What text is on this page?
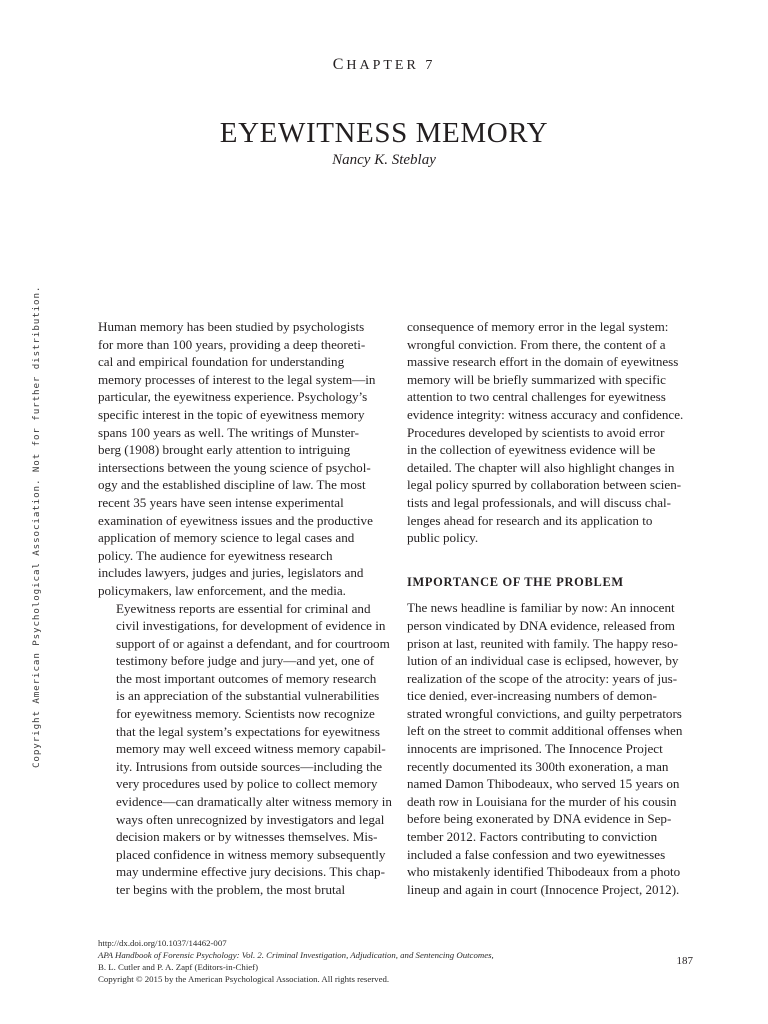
Copyright American Psychological Association. Not for further distribution.
CHAPTER 7
EYEWITNESS MEMORY
Nancy K. Steblay

Human memory has been studied by psychologists
for more than 100 years, providing a deep theoreti-
cal and empirical foundation for understanding
memory processes of interest to the legal system—in
particular, the eyewitness experience. Psychology’s
specific interest in the topic of eyewitness memory
spans 100 years as well. The writings of Munster-
berg (1908) brought early attention to intriguing
intersections between the young science of psychol-
ogy and the established discipline of law. The most
recent 35 years have seen intense experimental
examination of eyewitness issues and the productive
application of memory science to legal cases and
policy. The audience for eyewitness research
includes lawyers, judges and juries, legislators and
policymakers, law enforcement, and the media.

Eyewitness reports are essential for criminal and
civil investigations, for development of evidence in
support of or against a defendant, and for courtroom
testimony before judge and jury—and yet, one of
the most important outcomes of memory research
is an appreciation of the substantial vulnerabilities
for eyewitness memory. Scientists now recognize
that the legal system’s expectations for eyewitness
memory may well exceed witness memory capabil-
ity. Intrusions from outside sources—including the
very procedures used by police to collect memory
evidence—can dramatically alter witness memory in
ways often unrecognized by investigators and legal
decision makers or by witnesses themselves. Mis-
placed confidence in witness memory subsequently
may undermine effective jury decisions. This chap-
ter begins with the problem, the most brutal

consequence of memory error in the legal system:
wrongful conviction. From there, the content of a
massive research effort in the domain of eyewitness
memory will be briefly summarized with specific
attention to two central challenges for eyewitness
evidence integrity: witness accuracy and confidence.
Procedures developed by scientists to avoid error
in the collection of eyewitness evidence will be
detailed. The chapter will also highlight changes in
legal policy spurred by collaboration between scien-
tists and legal professionals, and will discuss chal-
lenges ahead for research and its application to
public policy.

IMPORTANCE OF THE PROBLEM

The news headline is familiar by now: An innocent
person vindicated by DNA evidence, released from
prison at last, reunited with family. The happy reso-
lution of an individual case is eclipsed, however, by
realization of the scope of the atrocity: years of jus-
tice denied, ever-increasing numbers of demon-
strated wrongful convictions, and guilty perpetrators
left on the street to commit additional offenses when
innocents are imprisoned. The Innocence Project
recently documented its 300th exoneration, a man
named Damon Thibodeaux, who served 15 years on
death row in Louisiana for the murder of his cousin
before being exonerated by DNA evidence in Sep-
tember 2012. Factors contributing to conviction
included a false confession and two eyewitnesses
who mistakenly identified Thibodeaux from a photo
lineup and again in court (Innocence Project, 2012).

http://dx.doi.org/10.1037/14462-007
APA Handbook of Forensic Psychology: Vol. 2. Criminal Investigation, Adjudication, and Sentencing Outcomes,
B. L. Cutler and P. A. Zapf (Editors-in-Chief)
Copyright © 2015 by the American Psychological Association. All rights reserved.
187
